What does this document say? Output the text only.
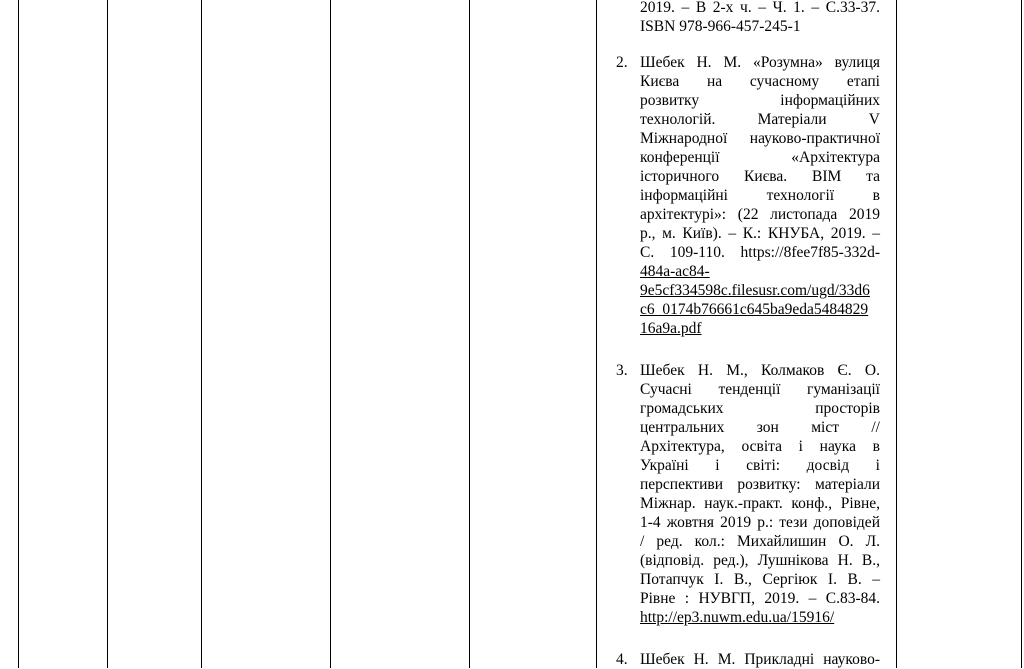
2019. – В 2-х ч. – Ч. 1. – С.33-37.
ISBN 978-966-457-245-1
2. Шебек Н. М. «Розумна» вулиця
Києва на сучасному етапі
розвитку інформаційних
технологій. Матеріали V
Міжнародної науково-практичної
конференції «Архітектура
історичного Києва. BIM та
інформаційні технології в
архітектурі»: (22 листопада 2019
р., м. Київ). – К.: КНУБА, 2019. –
С. 109-110. https://8fee7f85-332d-
484a-ac84-
9e5cf334598c.filesusr.com/ugd/33d6
c6_0174b76661c645ba9eda5484829
16a9a.pdf
3. Шебек Н. М., Колмаков Є. О.
Сучасні тенденції гуманізації
громадських просторів
центральних зон міст //
Архітектура, освіта і наука в
Україні і світі: досвід і
перспективи розвитку: матеріали
Міжнар. наук.-практ. конф., Рівне,
1-4 жовтня 2019 р.: тези доповідей
/ ред. кол.: Михайлишин О. Л.
(відповід. ред.), Лушнікова Н. В.,
Потапчук І. В., Сергіюк І. В. –
Рівне : НУВГП, 2019. – С.83-84.
http://ep3.nuwm.edu.ua/15916/
4. Шебек Н. М. Прикладні науково-
